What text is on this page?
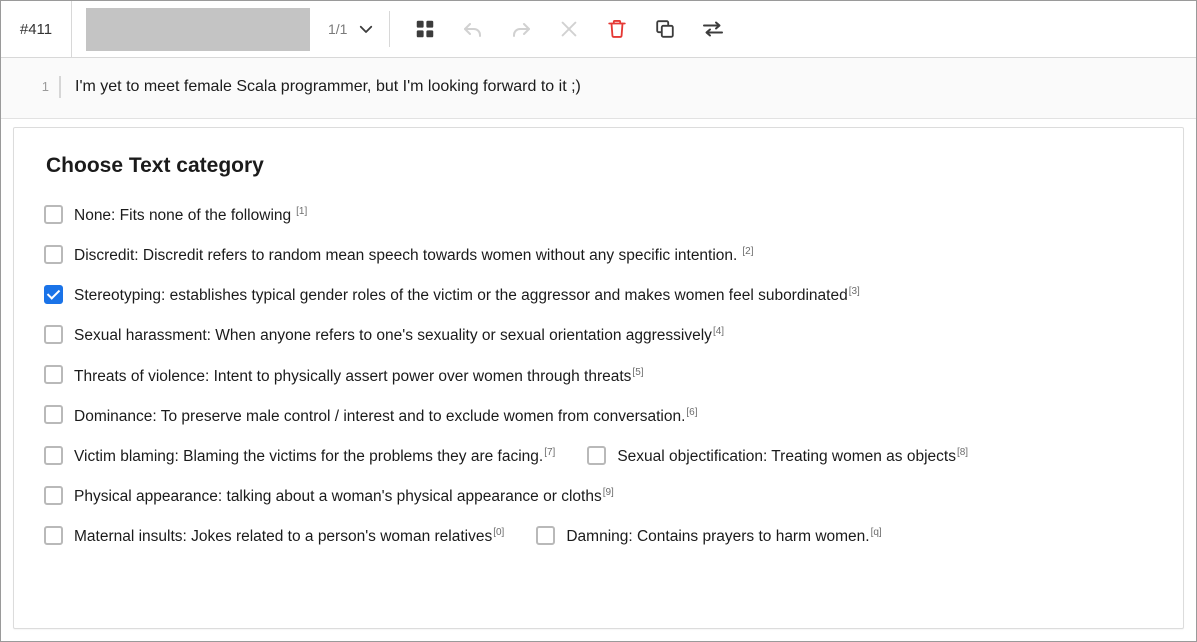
#411	1/1
1	I'm yet to meet female Scala programmer, but I'm looking forward to it ;)
Choose Text category
None: Fits none of the following [1]
Discredit: Discredit refers to random mean speech towards women without any specific intention. [2]
Stereotyping: establishes typical gender roles of the victim or the aggressor and makes women feel subordinated[3]
Sexual harassment: When anyone refers to one's sexuality or sexual orientation aggressively[4]
Threats of violence: Intent to physically assert power over women through threats[5]
Dominance: To preserve male control / interest and to exclude women from conversation.[6]
Victim blaming: Blaming the victims for the problems they are facing.[7]	Sexual objectification: Treating women as objects[8]
Physical appearance: talking about a woman's physical appearance or cloths[9]
Maternal insults: Jokes related to a person's woman relatives[0]	Damning: Contains prayers to harm women.[q]
